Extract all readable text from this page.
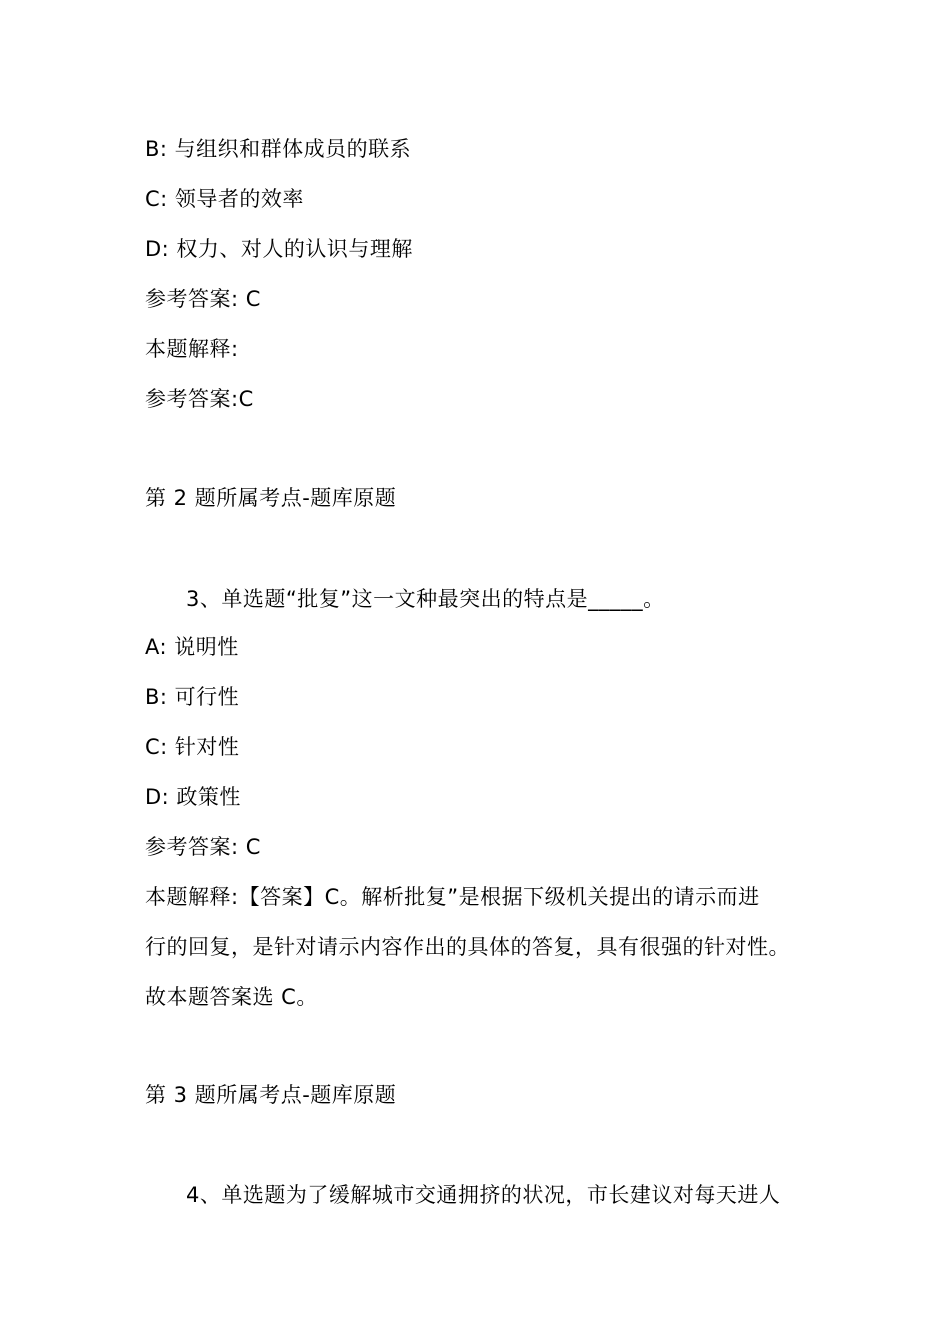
B: 与组织和群体成员的联系
C: 领导者的效率
D: 权力、对人的认识与理解
参考答案: C
本题解释:
参考答案:C
第 2 题所属考点-题库原题
3、单选题“批复”这一文种最突出的特点是_____。
A: 说明性
B: 可行性
C: 针对性
D: 政策性
参考答案: C
本题解释:【答案】C。解析批复”是根据下级机关提出的请示而进
行的回复，是针对请示内容作出的具体的答复，具有很强的针对性。
故本题答案选 C。
第 3 题所属考点-题库原题
4、单选题为了缓解城市交通拥挤的状况，市长建议对每天进人
